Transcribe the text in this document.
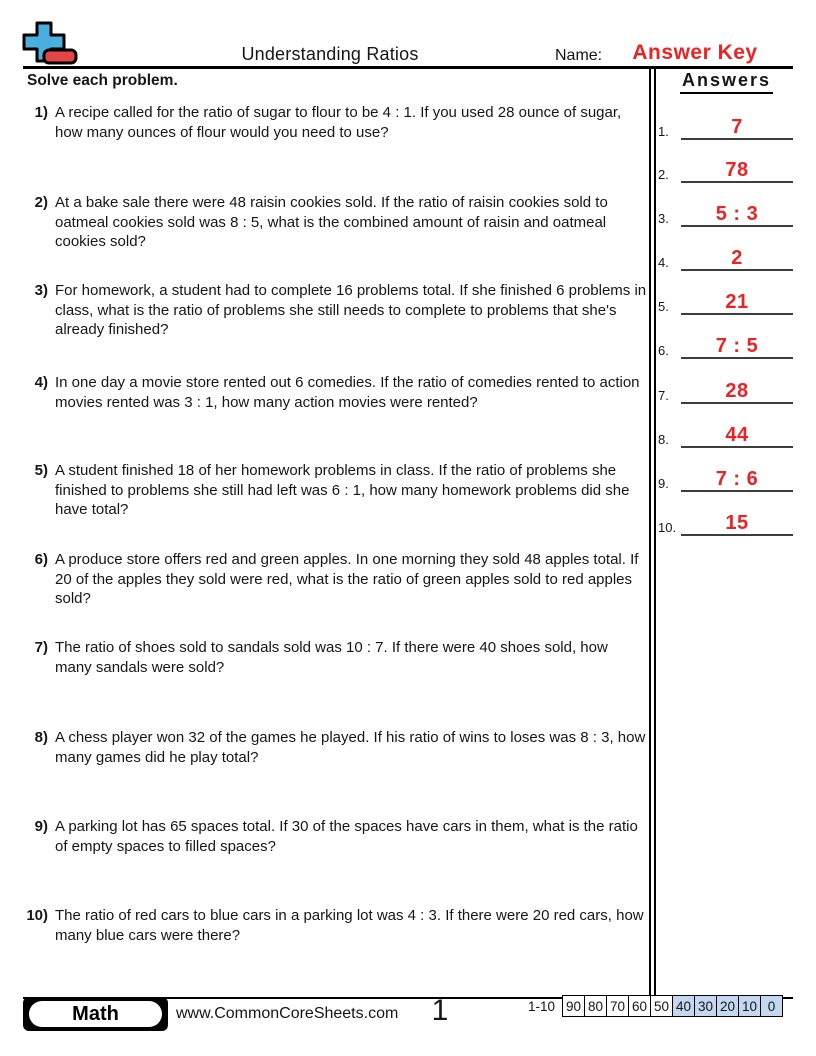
Understanding Ratios	Name:	Answer Key
Solve each problem.	Answers
1.	7
2.	78
3.	5 : 3
4.	2
5.	21
6.	7 : 5
7.	28
8.	44
9.	7 : 6
10. 15
1) A recipe called for the ratio of sugar to flour to be 4 : 1. If you used 28 ounce of sugar, how many ounces of flour would you need to use?
2) At a bake sale there were 48 raisin cookies sold. If the ratio of raisin cookies sold to oatmeal cookies sold was 8 : 5, what is the combined amount of raisin and oatmeal cookies sold?
3) For homework, a student had to complete 16 problems total. If she finished 6 problems in class, what is the ratio of problems she still needs to complete to problems that she's already finished?
4) In one day a movie store rented out 6 comedies. If the ratio of comedies rented to action movies rented was 3 : 1, how many action movies were rented?
5) A student finished 18 of her homework problems in class. If the ratio of problems she finished to problems she still had left was 6 : 1, how many homework problems did she have total?
6) A produce store offers red and green apples. In one morning they sold 48 apples total. If 20 of the apples they sold were red, what is the ratio of green apples sold to red apples sold?
7) The ratio of shoes sold to sandals sold was 10 : 7. If there were 40 shoes sold, how many sandals were sold?
8) A chess player won 32 of the games he played. If his ratio of wins to loses was 8 : 3, how many games did he play total?
9) A parking lot has 65 spaces total. If 30 of the spaces have cars in them, what is the ratio of empty spaces to filled spaces?
10) The ratio of red cars to blue cars in a parking lot was 4 : 3. If there were 20 red cars, how many blue cars were there?
Math	www.CommonCoreSheets.com	1	1-10 90 80 70 60 50 40 30 20 10 0
